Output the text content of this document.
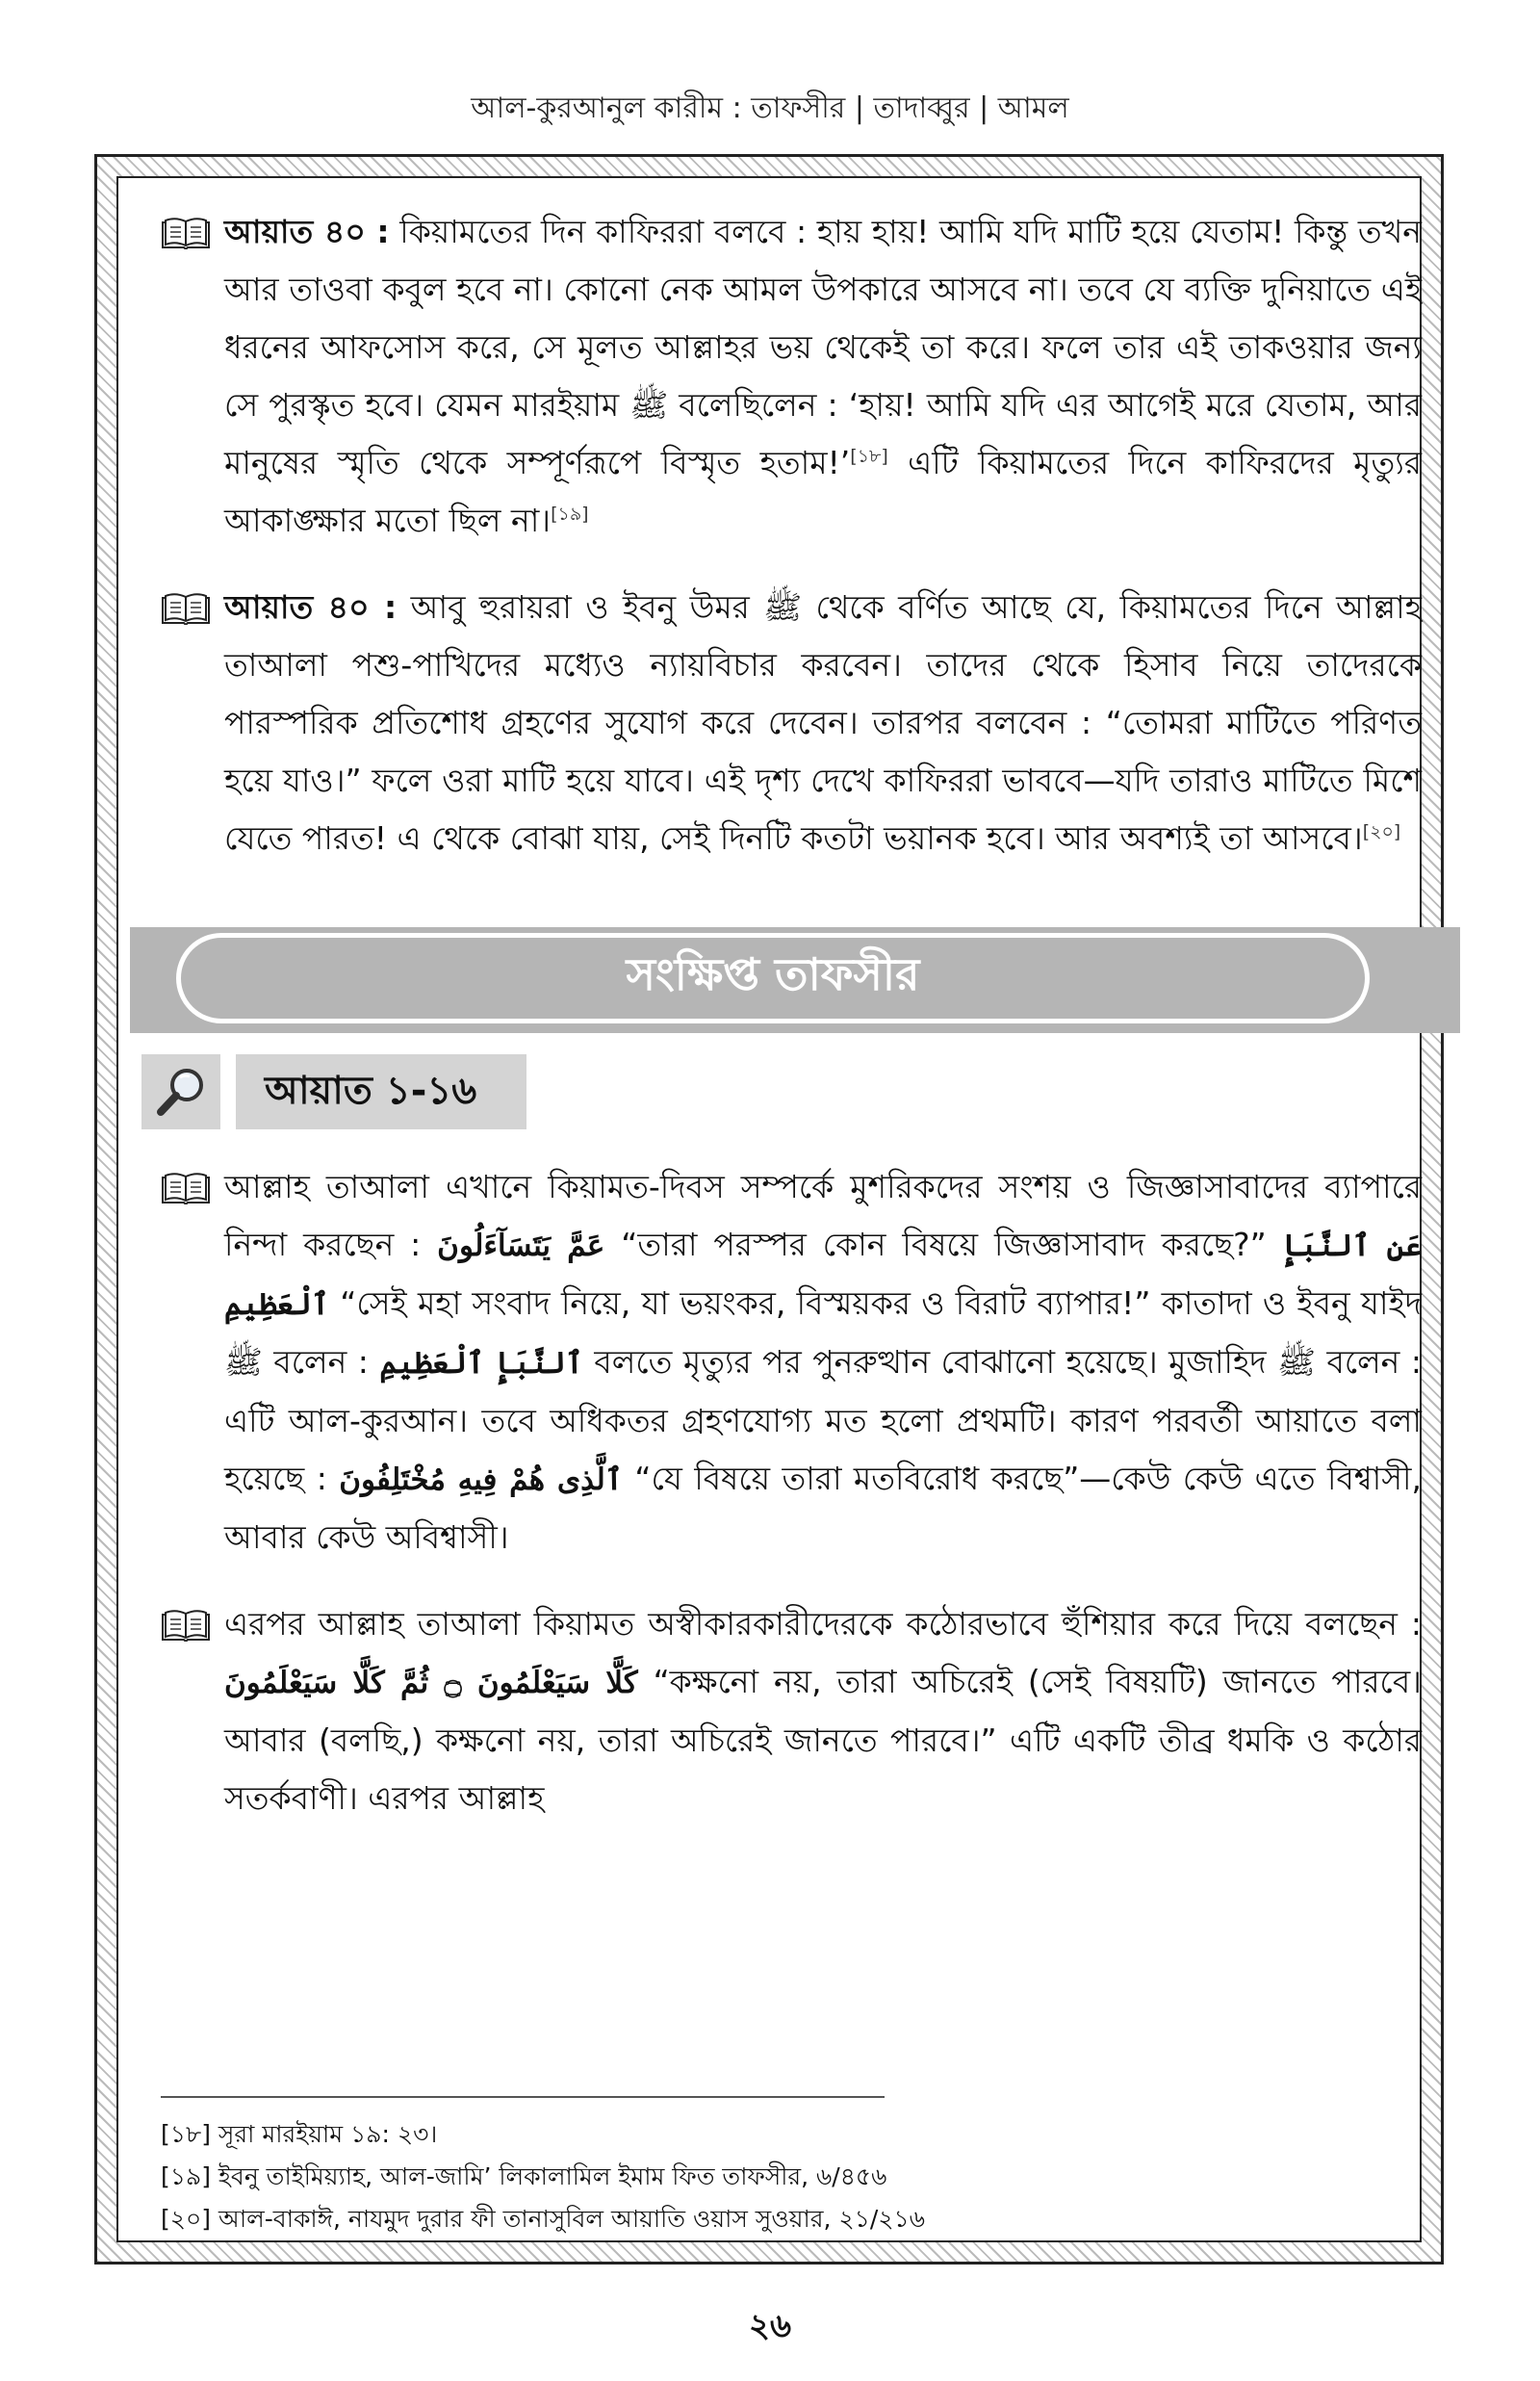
আল-কুরআনুল কারীম : তাফসীর | তাদাব্বুর | আমল

আয়াত ৪০ : কিয়ামতের দিন কাফিররা বলবে : হায় হায়! আমি যদি মাটি হয়ে যেতাম! কিন্তু তখন আর তাওবা কবুল হবে না। কোনো নেক আমল উপকারে আসবে না। তবে যে ব্যক্তি দুনিয়াতে এই ধরনের আফসোস করে, সে মূলত আল্লাহর ভয় থেকেই তা করে। ফলে তার এই তাকওয়ার জন্য সে পুরস্কৃত হবে। যেমন মারইয়াম ﷺ বলেছিলেন : ‘হায়! আমি যদি এর আগেই মরে যেতাম, আর মানুষের স্মৃতি থেকে সম্পূর্ণরূপে বিস্মৃত হতাম!’[১৮] এটি কিয়ামতের দিনে কাফিরদের মৃত্যুর আকাঙ্ক্ষার মতো ছিল না।[১৯]

আয়াত ৪০ : আবু হুরায়রা ও ইবনু উমর ﷺ থেকে বর্ণিত আছে যে, কিয়ামতের দিনে আল্লাহ তাআলা পশু-পাখিদের মধ্যেও ন্যায়বিচার করবেন। তাদের থেকে হিসাব নিয়ে তাদেরকে পারস্পরিক প্রতিশোধ গ্রহণের সুযোগ করে দেবেন। তারপর বলবেন : “তোমরা মাটিতে পরিণত হয়ে যাও।” ফলে ওরা মাটি হয়ে যাবে। এই দৃশ্য দেখে কাফিররা ভাববে—যদি তারাও মাটিতে মিশে যেতে পারত! এ থেকে বোঝা যায়, সেই দিনটি কতটা ভয়ানক হবে। আর অবশ্যই তা আসবে।[২০]

সংক্ষিপ্ত তাফসীর
আয়াত ১-১৬

আল্লাহ তাআলা এখানে কিয়ামত-দিবস সম্পর্কে মুশরিকদের সংশয় ও জিজ্ঞাসাবাদের ব্যাপারে নিন্দা করছেন : عَمَّ يَتَسَآءَلُونَ “তারা পরস্পর কোন বিষয়ে জিজ্ঞাসাবাদ করছে?” عَنِ ٱلنَّبَإِ ٱلْعَظِيمِ “সেই মহা সংবাদ নিয়ে, যা ভয়ংকর, বিস্ময়কর ও বিরাট ব্যাপার!” কাতাদা ও ইবনু যাইদ ﷺ বলেন : ٱلنَّبَإِ ٱلْعَظِيمِ বলতে মৃত্যুর পর পুনরুত্থান বোঝানো হয়েছে। মুজাহিদ ﷺ বলেন : এটি আল-কুরআন। তবে অধিকতর গ্রহণযোগ্য মত হলো প্রথমটি। কারণ পরবর্তী আয়াতে বলা হয়েছে : ٱلَّذِى هُمْ فِيهِ مُخْتَلِفُونَ “যে বিষয়ে তারা মতবিরোধ করছে”—কেউ কেউ এতে বিশ্বাসী, আবার কেউ অবিশ্বাসী।

এরপর আল্লাহ তাআলা কিয়ামত অস্বীকারকারীদেরকে কঠোরভাবে হুঁশিয়ার করে দিয়ে বলছেন : كَلَّا سَيَعْلَمُونَ ۝ ثُمَّ كَلَّا سَيَعْلَمُونَ “কক্ষনো নয়, তারা অচিরেই (সেই বিষয়টি) জানতে পারবে। আবার (বলছি,) কক্ষনো নয়, তারা অচিরেই জানতে পারবে।” এটি একটি তীব্র ধমকি ও কঠোর সতর্কবাণী। এরপর আল্লাহ

[১৮] সূরা মারইয়াম ১৯: ২৩।
[১৯] ইবনু তাইমিয়্যাহ, আল-জামি’ লিকালামিল ইমাম ফিত তাফসীর, ৬/৪৫৬
[২০] আল-বাকাঈ, নাযমুদ দুরার ফী তানাসুবিল আয়াতি ওয়াস সুওয়ার, ২১/২১৬
২৬
